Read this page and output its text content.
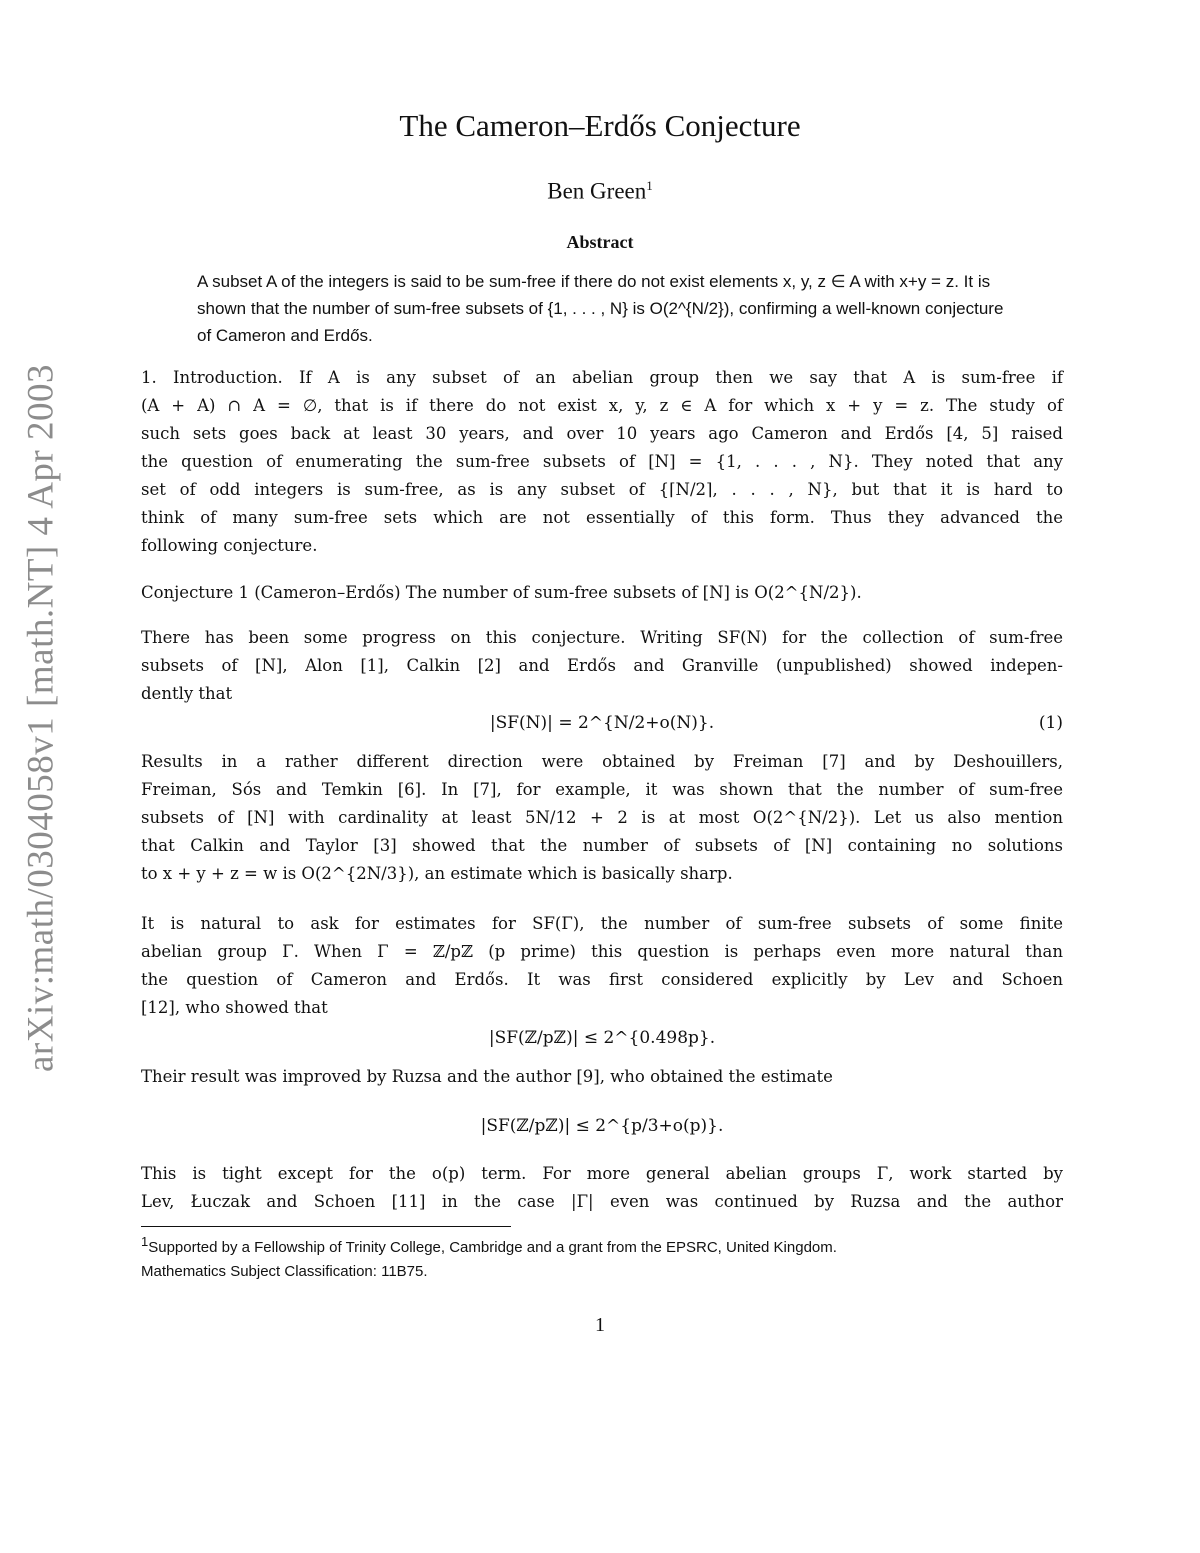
arXiv:math/0304058v1 [math.NT] 4 Apr 2003
The Cameron–Erdős Conjecture
Ben Green$^1$
Abstract
A subset A of the integers is said to be sum-free if there do not exist elements x, y, z ∈ A with x+y = z. It is shown that the number of sum-free subsets of {1, . . . , N} is O(2^{N/2}), confirming a well-known conjecture of Cameron and Erdős.
1. Introduction. If A is any subset of an abelian group then we say that A is sum-free if
(A + A) ∩ A = ∅, that is if there do not exist x, y, z ∈ A for which x + y = z. The study of
such sets goes back at least 30 years, and over 10 years ago Cameron and Erdős [4, 5] raised
the question of enumerating the sum-free subsets of [N] = {1, . . . , N}. They noted that any
set of odd integers is sum-free, as is any subset of {⌈N/2⌉, . . . , N}, but that it is hard to
think of many sum-free sets which are not essentially of this form. Thus they advanced the
following conjecture.
Conjecture 1 (Cameron–Erdős) The number of sum-free subsets of [N] is O(2^{N/2}).
There has been some progress on this conjecture. Writing SF(N) for the collection of sum-free
subsets of [N], Alon [1], Calkin [2] and Erdős and Granville (unpublished) showed indepen-
dently that
|SF(N)| = 2^{N/2+o(N)}.	(1)
Results in a rather different direction were obtained by Freiman [7] and by Deshouillers,
Freiman, Sós and Temkin [6]. In [7], for example, it was shown that the number of sum-free
subsets of [N] with cardinality at least 5N/12 + 2 is at most O(2^{N/2}). Let us also mention
that Calkin and Taylor [3] showed that the number of subsets of [N] containing no solutions
to x + y + z = w is O(2^{2N/3}), an estimate which is basically sharp.
It is natural to ask for estimates for SF(Γ), the number of sum-free subsets of some finite
abelian group Γ. When Γ = ℤ/pℤ (p prime) this question is perhaps even more natural than
the question of Cameron and Erdős. It was first considered explicitly by Lev and Schoen
[12], who showed that
|SF(ℤ/pℤ)| ≤ 2^{0.498p}.
Their result was improved by Ruzsa and the author [9], who obtained the estimate
|SF(ℤ/pℤ)| ≤ 2^{p/3+o(p)}.
This is tight except for the o(p) term. For more general abelian groups Γ, work started by
Lev, Łuczak and Schoen [11] in the case |Γ| even was continued by Ruzsa and the author
$^1$Supported by a Fellowship of Trinity College, Cambridge and a grant from the EPSRC, United Kingdom.
Mathematics Subject Classification: 11B75.
1
